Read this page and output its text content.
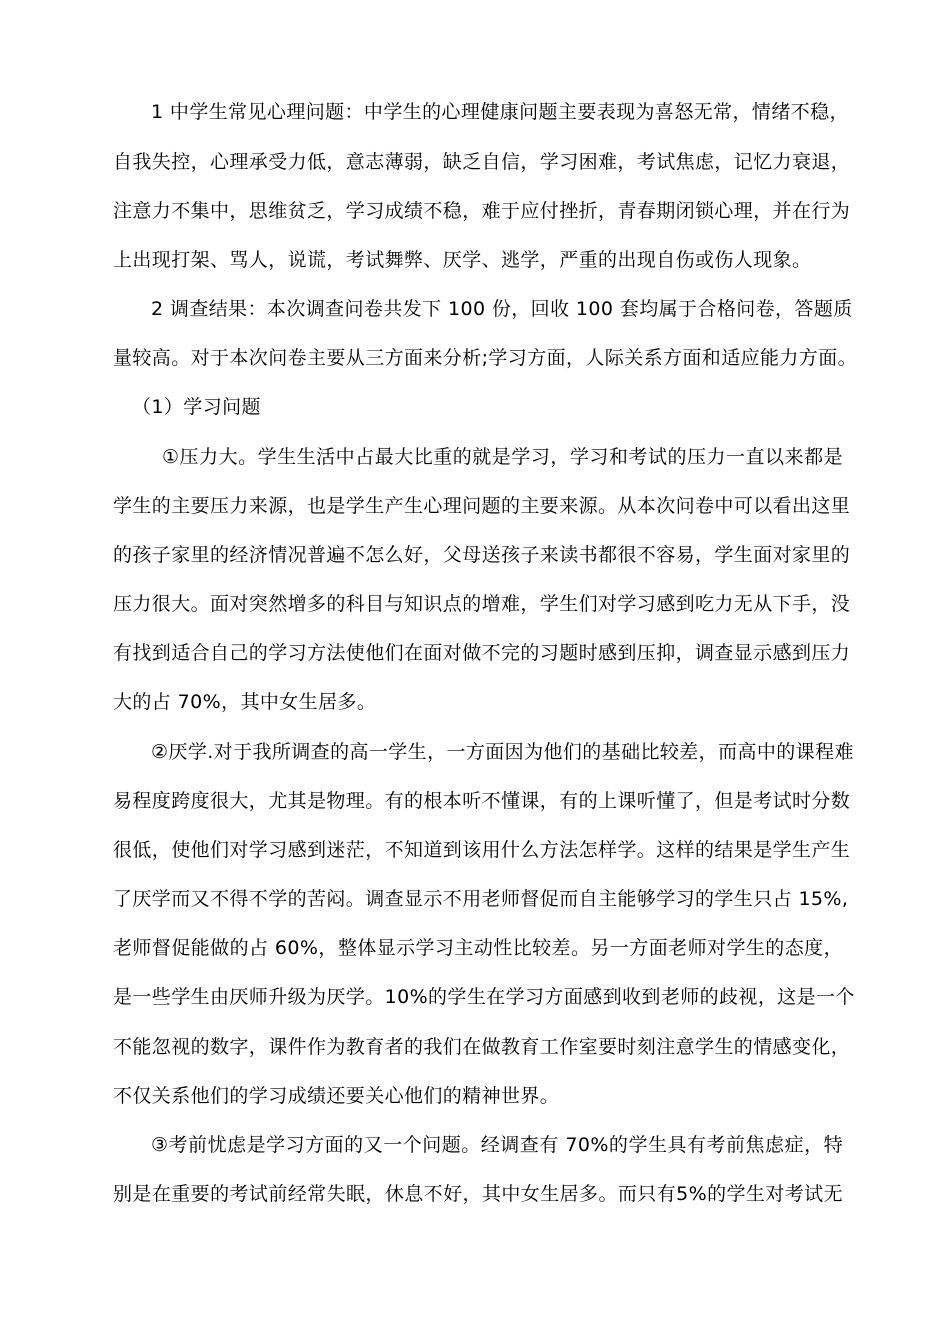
1 中学生常见心理问题：中学生的心理健康问题主要表现为喜怒无常，情绪不稳，
自我失控，心理承受力低，意志薄弱，缺乏自信，学习困难，考试焦虑，记忆力衰退，
注意力不集中，思维贫乏，学习成绩不稳，难于应付挫折，青春期闭锁心理，并在行为
上出现打架、骂人，说谎，考试舞弊、厌学、逃学，严重的出现自伤或伤人现象。
2 调查结果：本次调查问卷共发下 100 份，回收 100 套均属于合格问卷，答题质
量较高。对于本次问卷主要从三方面来分析;学习方面，人际关系方面和适应能力方面。
（1）学习问题
①压力大。学生生活中占最大比重的就是学习，学习和考试的压力一直以来都是
学生的主要压力来源，也是学生产生心理问题的主要来源。从本次问卷中可以看出这里
的孩子家里的经济情况普遍不怎么好，父母送孩子来读书都很不容易，学生面对家里的
压力很大。面对突然增多的科目与知识点的增难，学生们对学习感到吃力无从下手，没
有找到适合自己的学习方法使他们在面对做不完的习题时感到压抑，调查显示感到压力
大的占 70%，其中女生居多。
②厌学.对于我所调查的高一学生，一方面因为他们的基础比较差，而高中的课程难
易程度跨度很大，尤其是物理。有的根本听不懂课，有的上课听懂了，但是考试时分数
很低，使他们对学习感到迷茫，不知道到该用什么方法怎样学。这样的结果是学生产生
了厌学而又不得不学的苦闷。调查显示不用老师督促而自主能够学习的学生只占 15%,
老师督促能做的占 60%，整体显示学习主动性比较差。另一方面老师对学生的态度，
是一些学生由厌师升级为厌学。10%的学生在学习方面感到收到老师的歧视，这是一个
不能忽视的数字，课件作为教育者的我们在做教育工作室要时刻注意学生的情感变化，
不仅关系他们的学习成绩还要关心他们的精神世界。
③考前忧虑是学习方面的又一个问题。经调查有 70%的学生具有考前焦虑症，特
别是在重要的考试前经常失眠，休息不好，其中女生居多。而只有5%的学生对考试无
